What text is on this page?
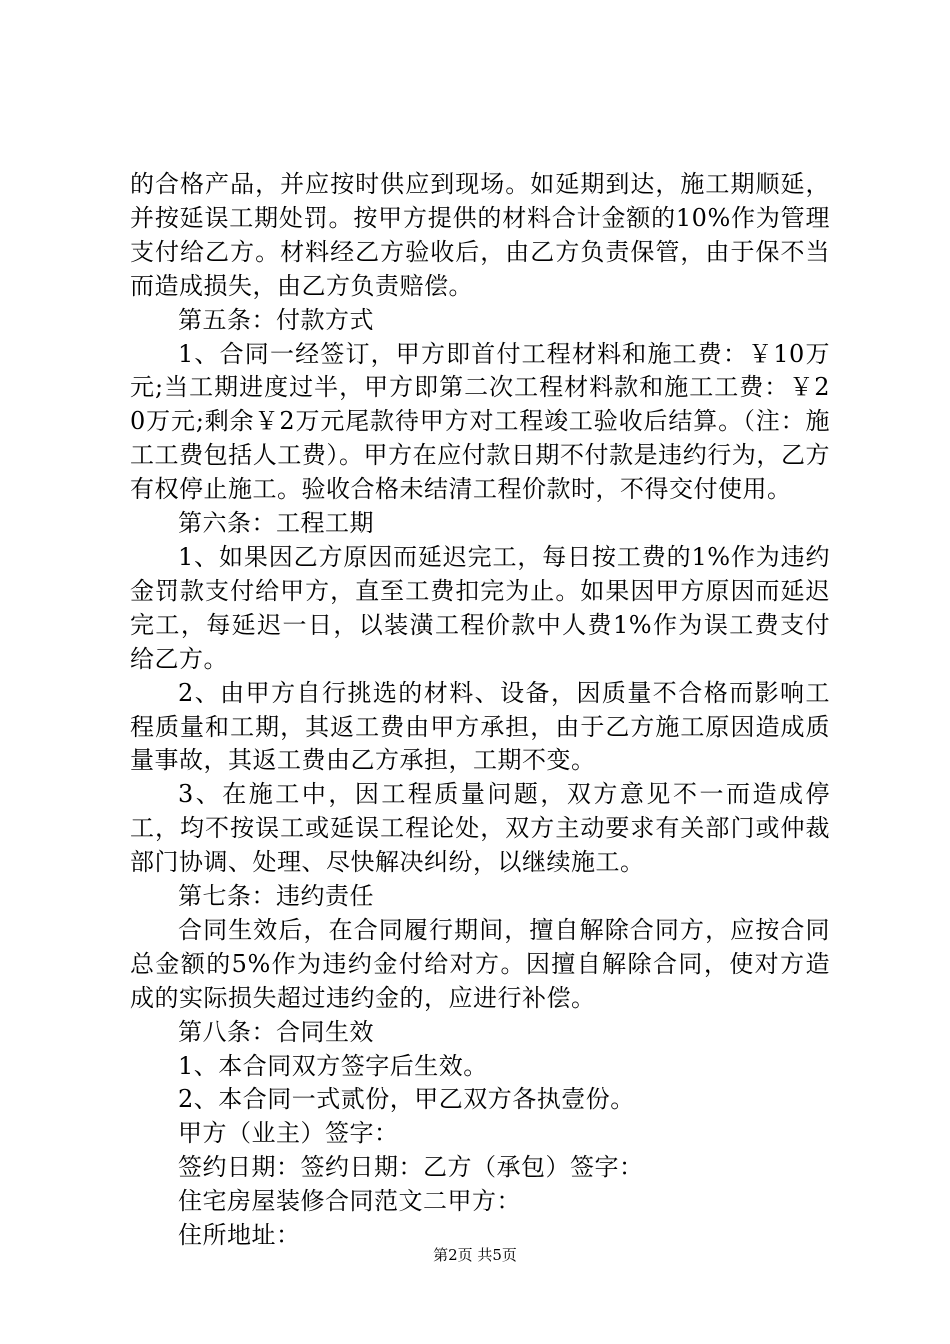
的合格产品，并应按时供应到现场。如延期到达，施工期顺延，并按延误工期处罚。按甲方提供的材料合计金额的10%作为管理支付给乙方。材料经乙方验收后，由乙方负责保管，由于保不当而造成损失，由乙方负责赔偿。

第五条：付款方式

1、合同一经签订，甲方即首付工程材料和施工费：￥10万元;当工期进度过半，甲方即第二次工程材料款和施工工费：￥20万元;剩余￥2万元尾款待甲方对工程竣工验收后结算。（注：施工工费包括人工费）。甲方在应付款日期不付款是违约行为，乙方有权停止施工。验收合格未结清工程价款时，不得交付使用。

第六条：工程工期

1、如果因乙方原因而延迟完工，每日按工费的1%作为违约金罚款支付给甲方，直至工费扣完为止。如果因甲方原因而延迟完工，每延迟一日，以装潢工程价款中人费1%作为误工费支付给乙方。

2、由甲方自行挑选的材料、设备，因质量不合格而影响工程质量和工期，其返工费由甲方承担，由于乙方施工原因造成质量事故，其返工费由乙方承担，工期不变。

3、在施工中，因工程质量问题，双方意见不一而造成停工，均不按误工或延误工程论处，双方主动要求有关部门或仲裁部门协调、处理、尽快解决纠纷，以继续施工。

第七条：违约责任

合同生效后，在合同履行期间，擅自解除合同方，应按合同总金额的5%作为违约金付给对方。因擅自解除合同，使对方造成的实际损失超过违约金的，应进行补偿。

第八条：合同生效

1、本合同双方签字后生效。

2、本合同一式贰份，甲乙双方各执壹份。

甲方（业主）签字：

签约日期：签约日期：乙方（承包）签字：

住宅房屋装修合同范文二甲方：

住所地址：

第2页 共5页
